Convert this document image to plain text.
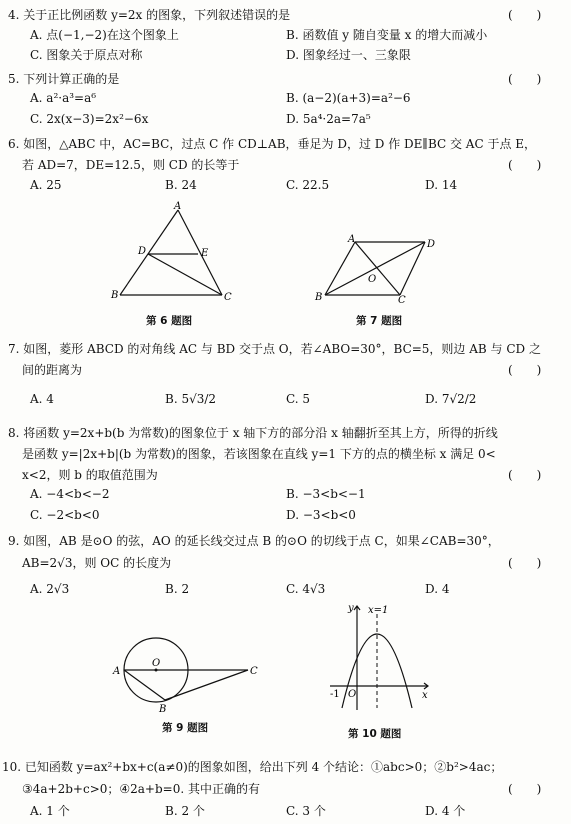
4. 关于正比例函数 y=2x 的图象，下列叙述错误的是	(　　)
A. 点(−1,−2)在这个图象上	B. 函数值 y 随自变量 x 的增大而减小
C. 图象关于原点对称	D. 图象经过一、三象限
5. 下列计算正确的是	(　　)
A. a²·a³=a⁶	B. (a−2)(a+3)=a²−6
C. 2x(x−3)=2x²−6x	D. 5a⁴·2a=7a⁵
6. 如图，△ABC 中，AC=BC，过点 C 作 CD⊥AB，垂足为 D，过 D 作 DE∥BC 交 AC 于点 E，
若 AD=7，DE=12.5，则 CD 的长等于	(　　)
A. 25	B. 24	C. 22.5	D. 14
A
B	C
D	E
第 6 题图
A	D
B	C
O
第 7 题图
7. 如图，菱形 ABCD 的对角线 AC 与 BD 交于点 O，若∠ABO=30°，BC=5，则边 AB 与 CD 之
间的距离为	(　　)
A. 4	B. 5√3/2	C. 5	D. 7√2/2
8. 将函数 y=2x+b(b 为常数)的图象位于 x 轴下方的部分沿 x 轴翻折至其上方，所得的折线
是函数 y=|2x+b|(b 为常数)的图象，若该图象在直线 y=1 下方的点的横坐标 x 满足 0<
x<2，则 b 的取值范围为	(　　)
A. −4<b<−2	B. −3<b<−1
C. −2<b<0	D. −3<b<0
9. 如图，AB 是⊙O 的弦，AO 的延长线交过点 B 的⊙O 的切线于点 C，如果∠CAB=30°，
AB=2√3，则 OC 的长度为	(　　)
A. 2√3	B. 2	C. 4√3	D. 4
A
O
B
C
第 9 题图
y x=1
-1 O	x
第 10 题图
10. 已知函数 y=ax²+bx+c(a≠0)的图象如图，给出下列 4 个结论：①abc>0；②b²>4ac；
③4a+2b+c>0；④2a+b=0. 其中正确的有	(　　)
A. 1 个	B. 2 个	C. 3 个	D. 4 个
